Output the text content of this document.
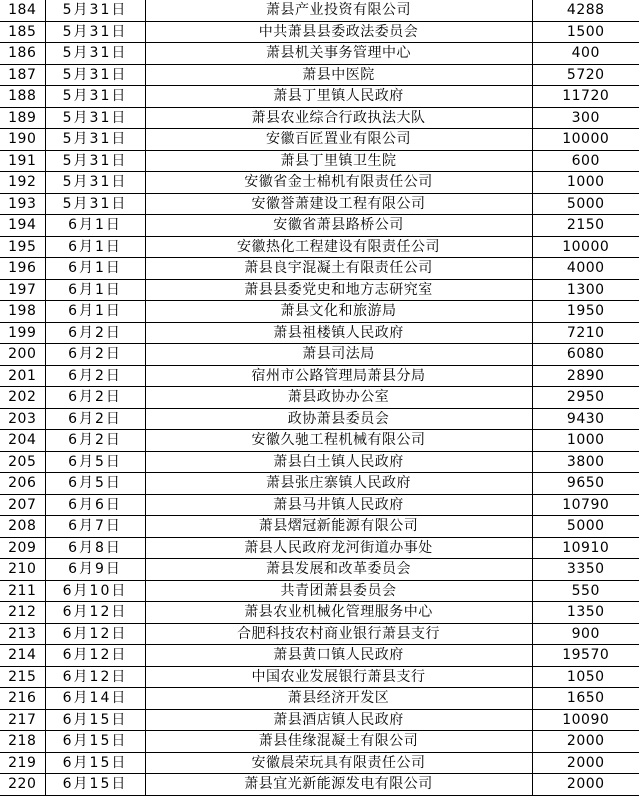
184	5月31日	萧县产业投资有限公司	4288
185	5月31日	中共萧县县委政法委员会	1500
186	5月31日	萧县机关事务管理中心	400
187	5月31日	萧县中医院	5720
188	5月31日	萧县丁里镇人民政府	11720
189	5月31日	萧县农业综合行政执法大队	300
190	5月31日	安徽百匠置业有限公司	10000
191	5月31日	萧县丁里镇卫生院	600
192	5月31日	安徽省金士棉机有限责任公司	1000
193	5月31日	安徽誉萧建设工程有限公司	5000
194	6月1日	安徽省萧县路桥公司	2150
195	6月1日	安徽热化工程建设有限责任公司	10000
196	6月1日	萧县良宇混凝土有限责任公司	4000
197	6月1日	萧县县委党史和地方志研究室	1300
198	6月1日	萧县文化和旅游局	1950
199	6月2日	萧县祖楼镇人民政府	7210
200	6月2日	萧县司法局	6080
201	6月2日	宿州市公路管理局萧县分局	2890
202	6月2日	萧县政协办公室	2950
203	6月2日	政协萧县委员会	9430
204	6月2日	安徽久驰工程机械有限公司	1000
205	6月5日	萧县白土镇人民政府	3800
206	6月5日	萧县张庄寨镇人民政府	9650
207	6月6日	萧县马井镇人民政府	10790
208	6月7日	萧县熠冠新能源有限公司	5000
209	6月8日	萧县人民政府龙河街道办事处	10910
210	6月9日	萧县发展和改革委员会	3350
211	6月10日	共青团萧县委员会	550
212	6月12日	萧县农业机械化管理服务中心	1350
213	6月12日	合肥科技农村商业银行萧县支行	900
214	6月12日	萧县黄口镇人民政府	19570
215	6月12日	中国农业发展银行萧县支行	1050
216	6月14日	萧县经济开发区	1650
217	6月15日	萧县酒店镇人民政府	10090
218	6月15日	萧县佳缘混凝土有限公司	2000
219	6月15日	安徽晨荣玩具有限责任公司	2000
220	6月15日	萧县宜光新能源发电有限公司	2000
